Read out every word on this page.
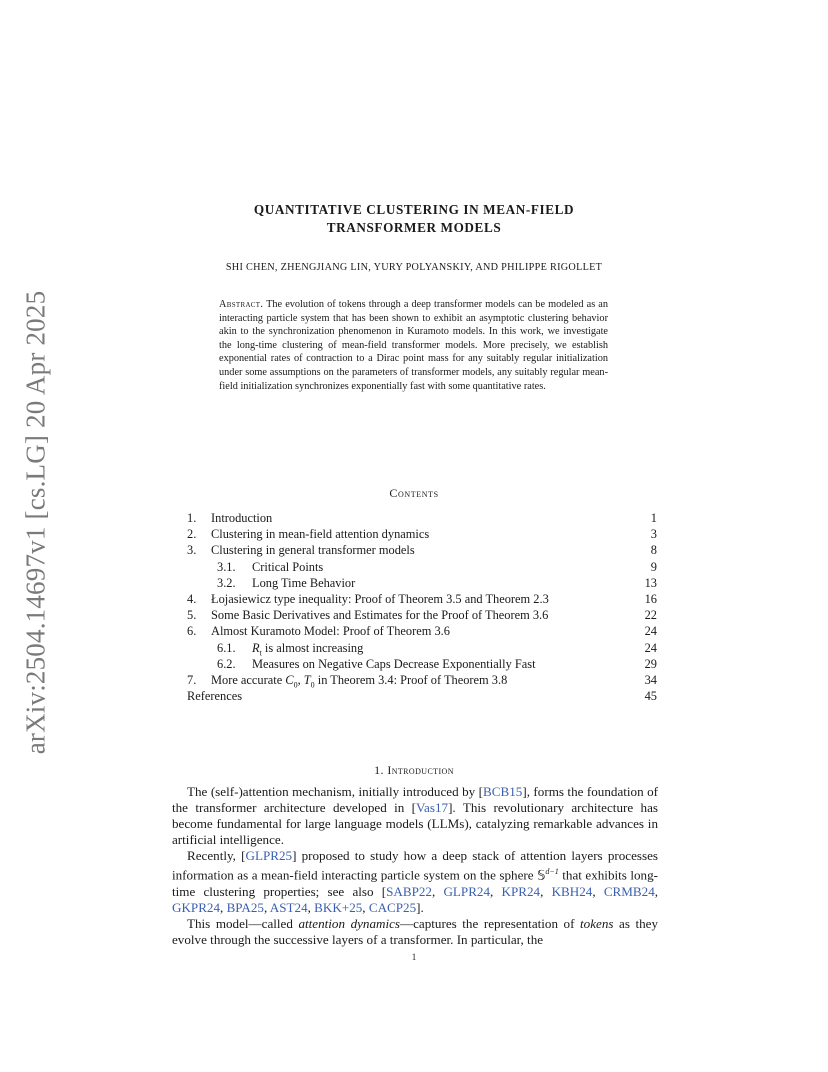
arXiv:2504.14697v1 [cs.LG] 20 Apr 2025
QUANTITATIVE CLUSTERING IN MEAN-FIELD
TRANSFORMER MODELS
SHI CHEN, ZHENGJIANG LIN, YURY POLYANSKIY, AND PHILIPPE RIGOLLET
Abstract. The evolution of tokens through a deep transformer models can be modeled as an interacting particle system that has been shown to exhibit an asymptotic clustering behavior akin to the synchronization phenomenon in Kuramoto models. In this work, we investigate the long-time clustering of mean-field transformer models. More precisely, we establish exponential rates of contraction to a Dirac point mass for any suitably regular initialization under some assumptions on the parameters of transformer models, any suitably regular mean-field initialization synchronizes exponentially fast with some quantitative rates.
Contents
1.	Introduction	1
2.	Clustering in mean-field attention dynamics	3
3.	Clustering in general transformer models	8
3.1.	Critical Points	9
3.2.	Long Time Behavior	13
4.	Łojasiewicz type inequality: Proof of Theorem 3.5 and Theorem 2.3	16
5.	Some Basic Derivatives and Estimates for the Proof of Theorem 3.6	22
6.	Almost Kuramoto Model: Proof of Theorem 3.6	24
6.1.	$R_t$ is almost increasing	24
6.2.	Measures on Negative Caps Decrease Exponentially Fast	29
7.	More accurate $C_0$, $T_0$ in Theorem 3.4: Proof of Theorem 3.8	34
References	45
1. Introduction

The (self-)attention mechanism, initially introduced by [BCB15], forms the foundation of the transformer architecture developed in [Vas17]. This revolutionary architecture has become fundamental for large language models (LLMs), catalyzing remarkable advances in artificial intelligence.

Recently, [GLPR25] proposed to study how a deep stack of attention layers processes information as a mean-field interacting particle system on the sphere 𝕊$^{d-1}$ that exhibits long-time clustering properties; see also [SABP22, GLPR24, KPR24, KBH24, CRMB24, GKPR24, BPA25, AST24, BKK+25, CACP25].

This model—called attention dynamics—captures the representation of tokens as they evolve through the successive layers of a transformer. In particular, the

1
